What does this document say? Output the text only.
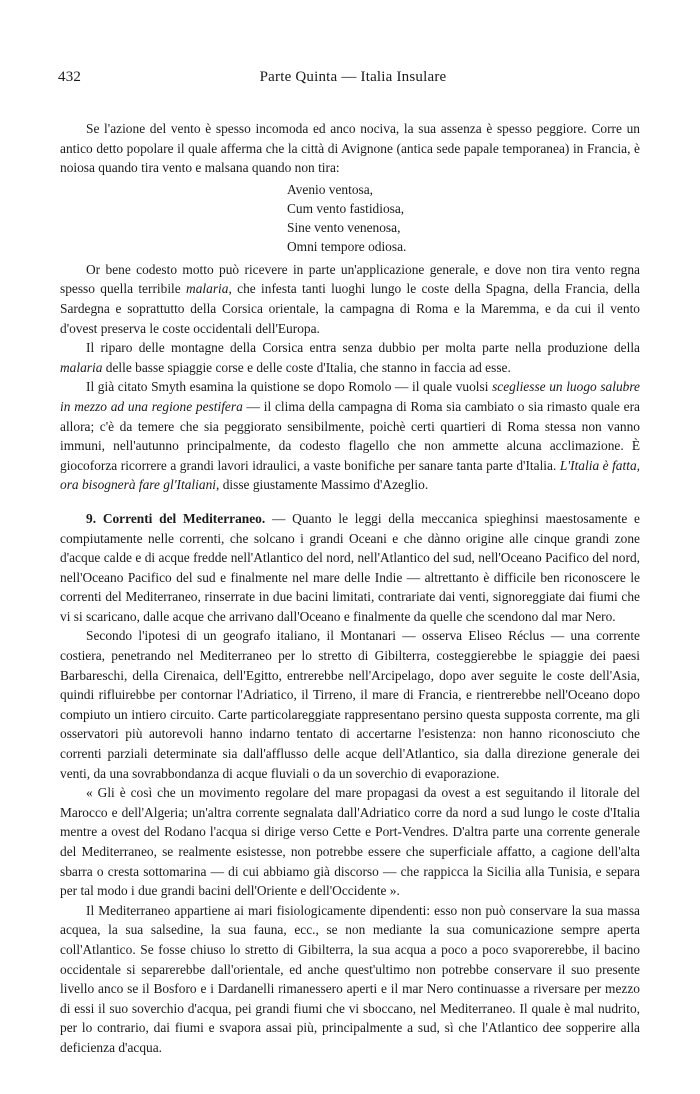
432	Parte Quinta — Italia Insulare

Se l'azione del vento è spesso incomoda ed anco nociva, la sua assenza è spesso peggiore. Corre un antico detto popolare il quale afferma che la città di Avignone (antica sede papale temporanea) in Francia, è noiosa quando tira vento e malsana quando non tira:

Avenio ventosa,
Cum vento fastidiosa,
Sine vento venenosa,
Omni tempore odiosa.

Or bene codesto motto può ricevere in parte un'applicazione generale, e dove non tira vento regna spesso quella terribile malaria, che infesta tanti luoghi lungo le coste della Spagna, della Francia, della Sardegna e soprattutto della Corsica orientale, la campagna di Roma e la Maremma, e da cui il vento d'ovest preserva le coste occidentali dell'Europa.

Il riparo delle montagne della Corsica entra senza dubbio per molta parte nella produzione della malaria delle basse spiaggie corse e delle coste d'Italia, che stanno in faccia ad esse.

Il già citato Smyth esamina la quistione se dopo Romolo — il quale vuolsi scegliesse un luogo salubre in mezzo ad una regione pestifera — il clima della campagna di Roma sia cambiato o sia rimasto quale era allora; c'è da temere che sia peggiorato sensibilmente, poichè certi quartieri di Roma stessa non vanno immuni, nell'autunno principalmente, da codesto flagello che non ammette alcuna acclimazione. È giocoforza ricorrere a grandi lavori idraulici, a vaste bonifiche per sanare tanta parte d'Italia. L'Italia è fatta, ora bisognerà fare gl'Italiani, disse giustamente Massimo d'Azeglio.

9. Correnti del Mediterraneo. — Quanto le leggi della meccanica spieghinsi maestosamente e compiutamente nelle correnti, che solcano i grandi Oceani e che dànno origine alle cinque grandi zone d'acque calde e di acque fredde nell'Atlantico del nord, nell'Atlantico del sud, nell'Oceano Pacifico del nord, nell'Oceano Pacifico del sud e finalmente nel mare delle Indie — altrettanto è difficile ben riconoscere le correnti del Mediterraneo, rinserrate in due bacini limitati, contrariate dai venti, signoreggiate dai fiumi che vi si scaricano, dalle acque che arrivano dall'Oceano e finalmente da quelle che scendono dal mar Nero.

Secondo l'ipotesi di un geografo italiano, il Montanari — osserva Eliseo Réclus — una corrente costiera, penetrando nel Mediterraneo per lo stretto di Gibilterra, costeggierebbe le spiaggie dei paesi Barbareschi, della Cirenaica, dell'Egitto, entrerebbe nell'Arcipelago, dopo aver seguite le coste dell'Asia, quindi rifluirebbe per contornar l'Adriatico, il Tirreno, il mare di Francia, e rientrerebbe nell'Oceano dopo compiuto un intiero circuito. Carte particolareggiate rappresentano persino questa supposta corrente, ma gli osservatori più autorevoli hanno indarno tentato di accertarne l'esistenza: non hanno riconosciuto che correnti parziali determinate sia dall'afflusso delle acque dell'Atlantico, sia dalla direzione generale dei venti, da una sovrabbondanza di acque fluviali o da un soverchio di evaporazione.

« Gli è così che un movimento regolare del mare propagasi da ovest a est seguitando il litorale del Marocco e dell'Algeria; un'altra corrente segnalata dall'Adriatico corre da nord a sud lungo le coste d'Italia mentre a ovest del Rodano l'acqua si dirige verso Cette e Port-Vendres. D'altra parte una corrente generale del Mediterraneo, se realmente esistesse, non potrebbe essere che superficiale affatto, a cagione dell'alta sbarra o cresta sottomarina — di cui abbiamo già discorso — che rappicca la Sicilia alla Tunisia, e separa per tal modo i due grandi bacini dell'Oriente e dell'Occidente ».

Il Mediterraneo appartiene ai mari fisiologicamente dipendenti: esso non può conservare la sua massa acquea, la sua salsedine, la sua fauna, ecc., se non mediante la sua comunicazione sempre aperta coll'Atlantico. Se fosse chiuso lo stretto di Gibilterra, la sua acqua a poco a poco svaporerebbe, il bacino occidentale si separerebbe dall'orientale, ed anche quest'ultimo non potrebbe conservare il suo presente livello anco se il Bosforo e i Dardanelli rimanessero aperti e il mar Nero continuasse a riversare per mezzo di essi il suo soverchio d'acqua, pei grandi fiumi che vi sboccano, nel Mediterraneo. Il quale è mal nudrito, per lo contrario, dai fiumi e svapora assai più, principalmente a sud, sì che l'Atlantico dee sopperire alla deficienza d'acqua.
